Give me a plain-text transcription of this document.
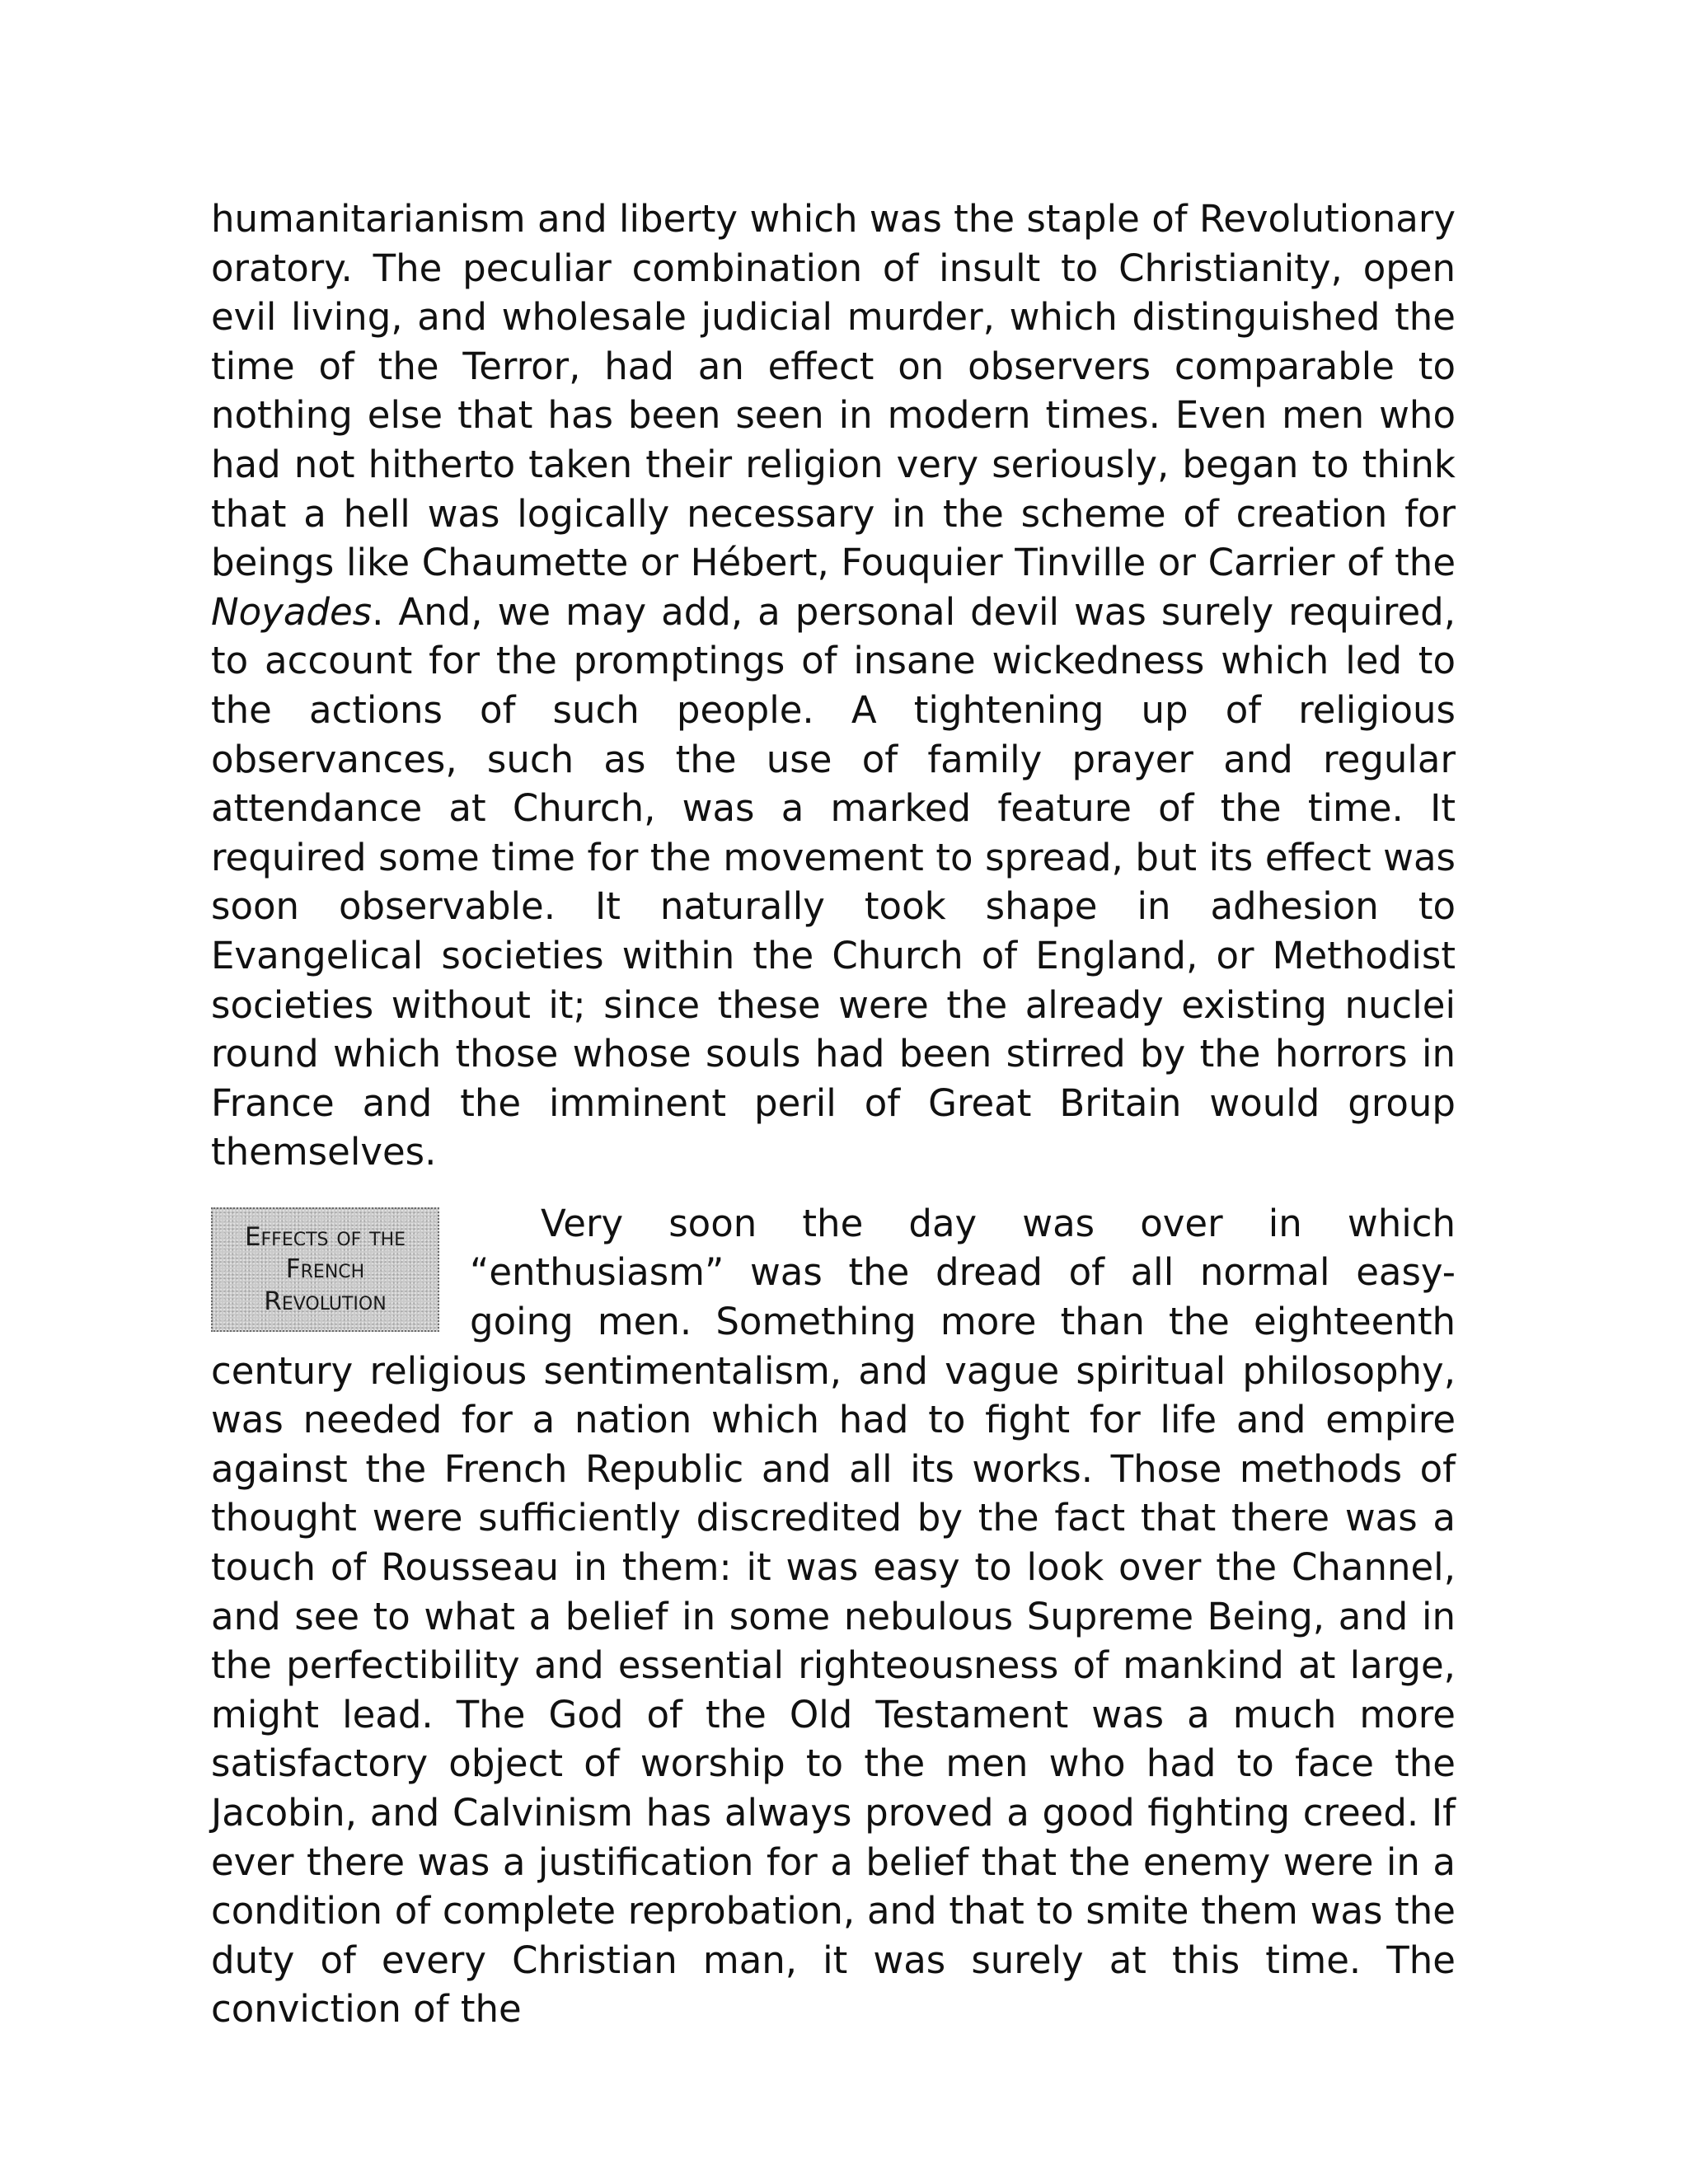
humanitarianism and liberty which was the staple of Revolutionary oratory. The peculiar combination of insult to Christianity, open evil living, and wholesale judicial murder, which distinguished the time of the Terror, had an effect on observers comparable to nothing else that has been seen in modern times. Even men who had not hitherto taken their religion very seriously, began to think that a hell was logically necessary in the scheme of creation for beings like Chaumette or Hébert, Fouquier Tinville or Carrier of the Noyades. And, we may add, a personal devil was surely required, to account for the promptings of insane wickedness which led to the actions of such people. A tightening up of religious observances, such as the use of family prayer and regular attendance at Church, was a marked feature of the time. It required some time for the movement to spread, but its effect was soon observable. It naturally took shape in adhesion to Evangelical societies within the Church of England, or Methodist societies without it; since these were the already existing nuclei round which those whose souls had been stirred by the horrors in France and the imminent peril of Great Britain would group themselves.

Effects of the French Revolution

Very soon the day was over in which “enthusiasm” was the dread of all normal easy-going men. Something more than the eighteenth century religious sentimentalism, and vague spiritual philosophy, was needed for a nation which had to fight for life and empire against the French Republic and all its works. Those methods of thought were sufficiently discredited by the fact that there was a touch of Rousseau in them: it was easy to look over the Channel, and see to what a belief in some nebulous Supreme Being, and in the perfectibility and essential righteousness of mankind at large, might lead. The God of the Old Testament was a much more satisfactory object of worship to the men who had to face the Jacobin, and Calvinism has always proved a good fighting creed. If ever there was a justification for a belief that the enemy were in a condition of complete reprobation, and that to smite them was the duty of every Christian man, it was surely at this time. The conviction of the
